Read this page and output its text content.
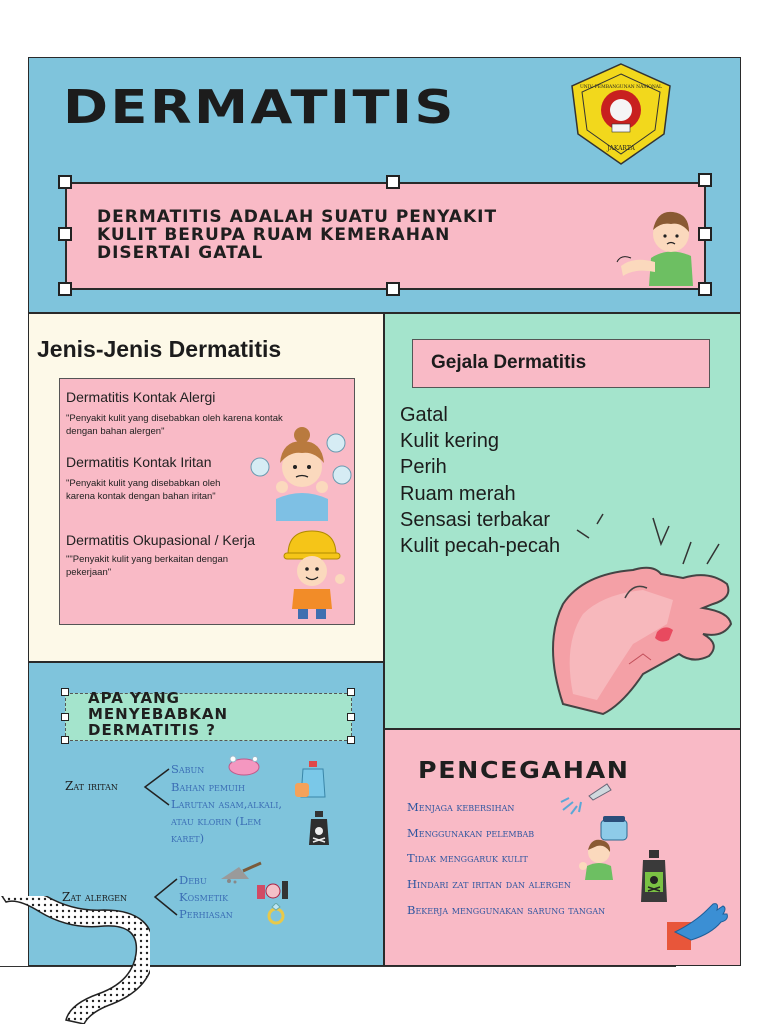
DERMATITIS
JAKARTA
UNIV. PEMBANGUNAN NASIONAL
DERMATITIS ADALAH SUATU PENYAKIT
KULIT BERUPA RUAM KEMERAHAN
DISERTAI GATAL
Jenis-Jenis Dermatitis
Dermatitis Kontak Alergi
"Penyakit kulit yang disebabkan oleh karena kontak
dengan bahan alergen"
Dermatitis Kontak Iritan
"Penyakit kulit yang disebabkan oleh
karena kontak dengan bahan iritan"
Dermatitis Okupasional / Kerja
""Penyakit kulit yang berkaitan dengan
pekerjaan"
Gejala Dermatitis
Gatal
Kulit kering
Perih
Ruam merah
Sensasi terbakar
Kulit pecah-pecah
APA YANG
MENYEBABKAN
DERMATITIS ?
Zat iritan
Sabun
Bahan pemuih
Larutan asam,alkali,
atau klorin (Lem
karet)
Zat alergen
Debu
Kosmetik
Perhiasan
PENCEGAHAN
Menjaga kebersihan
Menggunakan pelembab
Tidak menggaruk kulit
Hindari zat iritan dan alergen
Bekerja menggunakan sarung tangan
